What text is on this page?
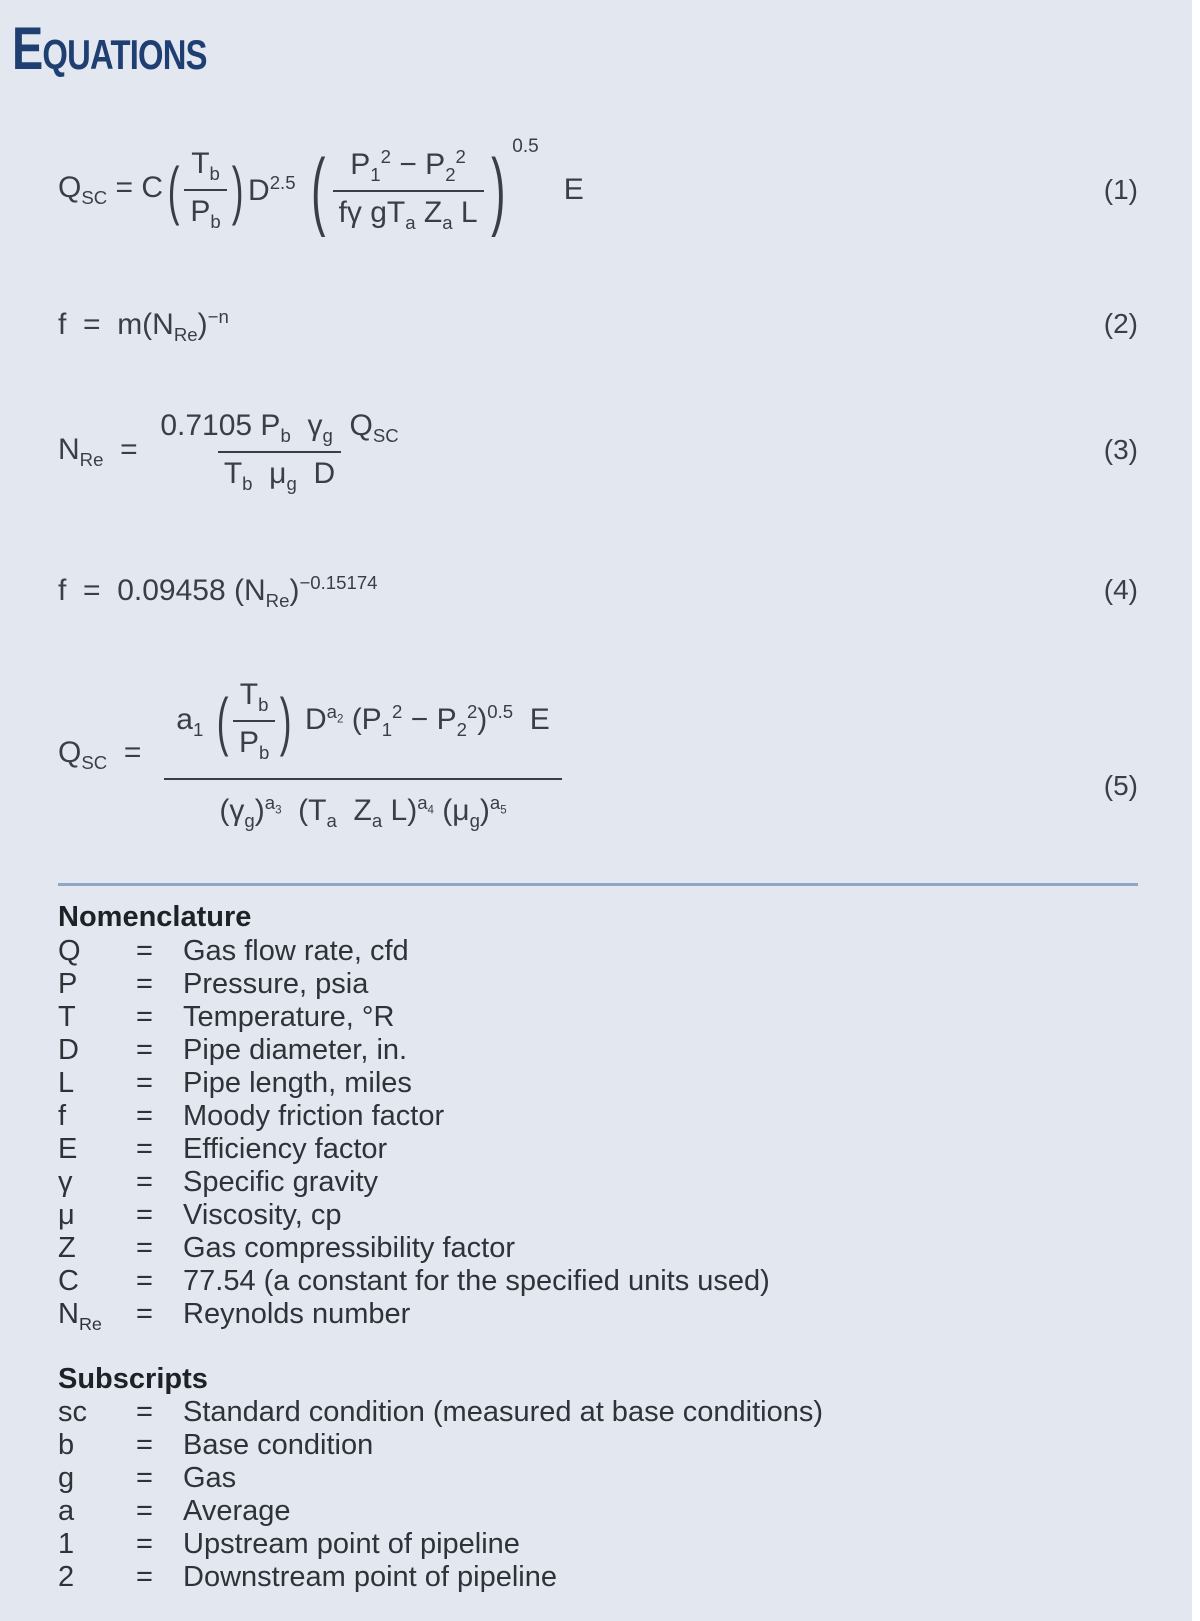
Equations
$Q_{SC} = C$ ( $\frac{T_b}{P_b}$ ) $D^{2.5}$ ( $\frac{P_1^2 - P_2^2}{f\gamma gT_a Z_a L}$ ) 0.5
E	(1)
$f = m(N_{Re})^{-n}$	(2)
$N_{Re} = \frac{0.7105 P_b \gamma_g Q_{SC}}{T_b \mu_g D}$	(3)
f  =  0.09458 $(N_{Re})^{-0.15174}$	(4)
$Q_{SC} = \frac{a_1 ( \frac{T_b}{P_b} ) D^{a_2} (P_1^2 - P_2^2)^{0.5} E}{(\gamma_g)^{a_3} (T_a Z_a L)^{a_4} (\mu_g)^{a_5}}$	(5)
Nomenclature
Q = Gas flow rate, cfd
P = Pressure, psia
T = Temperature, °R
D = Pipe diameter, in.
L = Pipe length, miles
f = Moody friction factor
E = Efficiency factor
γ = Specific gravity
μ = Viscosity, cp
Z = Gas compressibility factor
C = 77.54 (a constant for the specified units used)
$N_{Re}$ = Reynolds number
Subscripts
sc = Standard condition (measured at base conditions)
b = Base condition
g = Gas
a = Average
1 = Upstream point of pipeline
2 = Downstream point of pipeline
